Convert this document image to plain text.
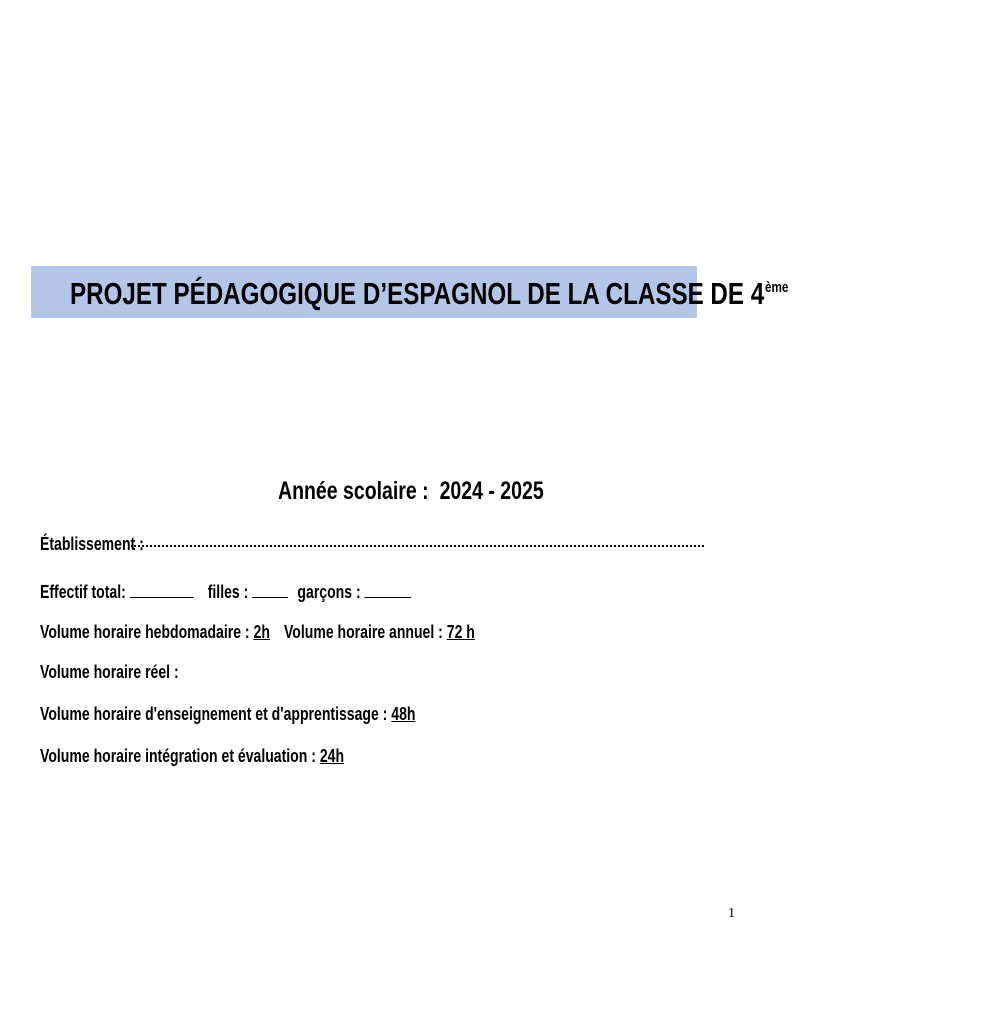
PROJET PÉDAGOGIQUE D’ESPAGNOL DE LA CLASSE DE 4ème
Année scolaire : 2024 - 2025
Établissement :
Effectif total:	filles :	garçons :
Volume horaire hebdomadaire : 2h Volume horaire annuel : 72 h
Volume horaire réel :
Volume horaire d'enseignement et d'apprentissage : 48h
Volume horaire intégration et évaluation : 24h
1
